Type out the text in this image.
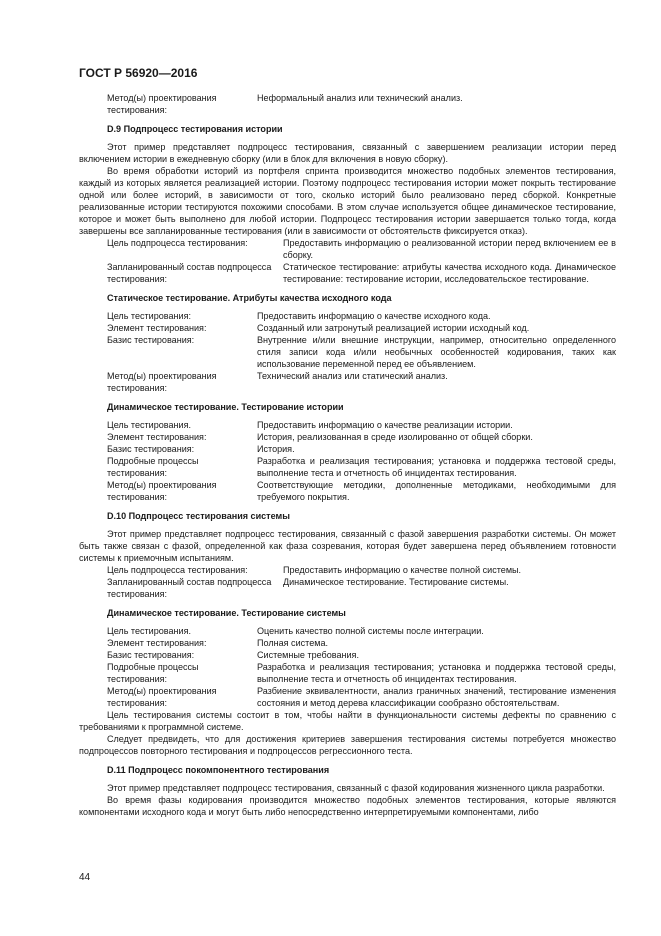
ГОСТ Р 56920—2016
Метод(ы) проектирования тестирования:
Неформальный анализ или технический анализ.
D.9 Подпроцесс тестирования истории
Этот пример представляет подпроцесс тестирования, связанный с завершением реализации истории перед включением истории в ежедневную сборку (или в блок для включения в новую сборку).
Во время обработки историй из портфеля спринта производится множество подобных элементов тестирования, каждый из которых является реализацией истории. Поэтому подпроцесс тестирования истории может покрыть тестирование одной или более историй, в зависимости от того, сколько историй было реализовано перед сборкой. Конкретные реализованные истории тестируются похожими способами. В этом случае используется общее динамическое тестирование, которое и может быть выполнено для любой истории. Подпроцесс тестирования истории завершается только тогда, когда завершены все запланированные тестирования (или в зависимости от обстоятельств фиксируется отказ).
Цель подпроцесса тестирования:	Предоставить информацию о реализованной истории перед включением ее в сборку.
Запланированный состав подпроцесса тестирования:
Статическое тестирование: атрибуты качества исходного кода. Динамическое тестирование: тестирование истории, исследовательское тестирование.
Статическое тестирование. Атрибуты качества исходного кода
Цель тестирования:	Предоставить информацию о качестве исходного кода.
Элемент тестирования:	Созданный или затронутый реализацией истории исходный код.
Базис тестирования:	Внутренние и/или внешние инструкции, например, относительно определенного стиля записи кода и/или необычных особенностей кодирования, таких как использование переменной перед ее объявлением.
Метод(ы) проектирования тестирования:
Технический анализ или статический анализ.
Динамическое тестирование. Тестирование истории
Цель тестирования.	Предоставить информацию о качестве реализации истории.
Элемент тестирования:	История, реализованная в среде изолированно от общей сборки.
Базис тестирования:	История.
Подробные процессы тестирования:
Разработка и реализация тестирования; установка и поддержка тестовой среды, выполнение теста и отчетность об инцидентах тестирования.
Метод(ы) проектирования тестирования:
Соответствующие методики, дополненные методиками, необходимыми для требуемого покрытия.
D.10 Подпроцесс тестирования системы
Этот пример представляет подпроцесс тестирования, связанный с фазой завершения разработки системы. Он может быть также связан с фазой, определенной как фаза созревания, которая будет завершена перед объявлением готовности системы к приемочным испытаниям.
Цель подпроцесса тестирования:	Предоставить информацию о качестве полной системы.
Запланированный состав подпроцесса тестирования:
Динамическое тестирование. Тестирование системы.
Динамическое тестирование. Тестирование системы
Цель тестирования.	Оценить качество полной системы после интеграции.
Элемент тестирования:	Полная система.
Базис тестирования:	Системные требования.
Подробные процессы тестирования:
Разработка и реализация тестирования; установка и поддержка тестовой среды, выполнение теста и отчетность об инцидентах тестирования.
Метод(ы) проектирования тестирования:
Разбиение эквивалентности, анализ граничных значений, тестирование изменения состояния и метод дерева классификации сообразно обстоятельствам.
Цель тестирования системы состоит в том, чтобы найти в функциональности системы дефекты по сравнению с требованиями к программной системе.
Следует предвидеть, что для достижения критериев завершения тестирования системы потребуется множество подпроцессов повторного тестирования и подпроцессов регрессионного теста.
D.11 Подпроцесс покомпонентного тестирования
Этот пример представляет подпроцесс тестирования, связанный с фазой кодирования жизненного цикла разработки.
Во время фазы кодирования производится множество подобных элементов тестирования, которые являются компонентами исходного кода и могут быть либо непосредственно интерпретируемыми компонентами, либо
44
